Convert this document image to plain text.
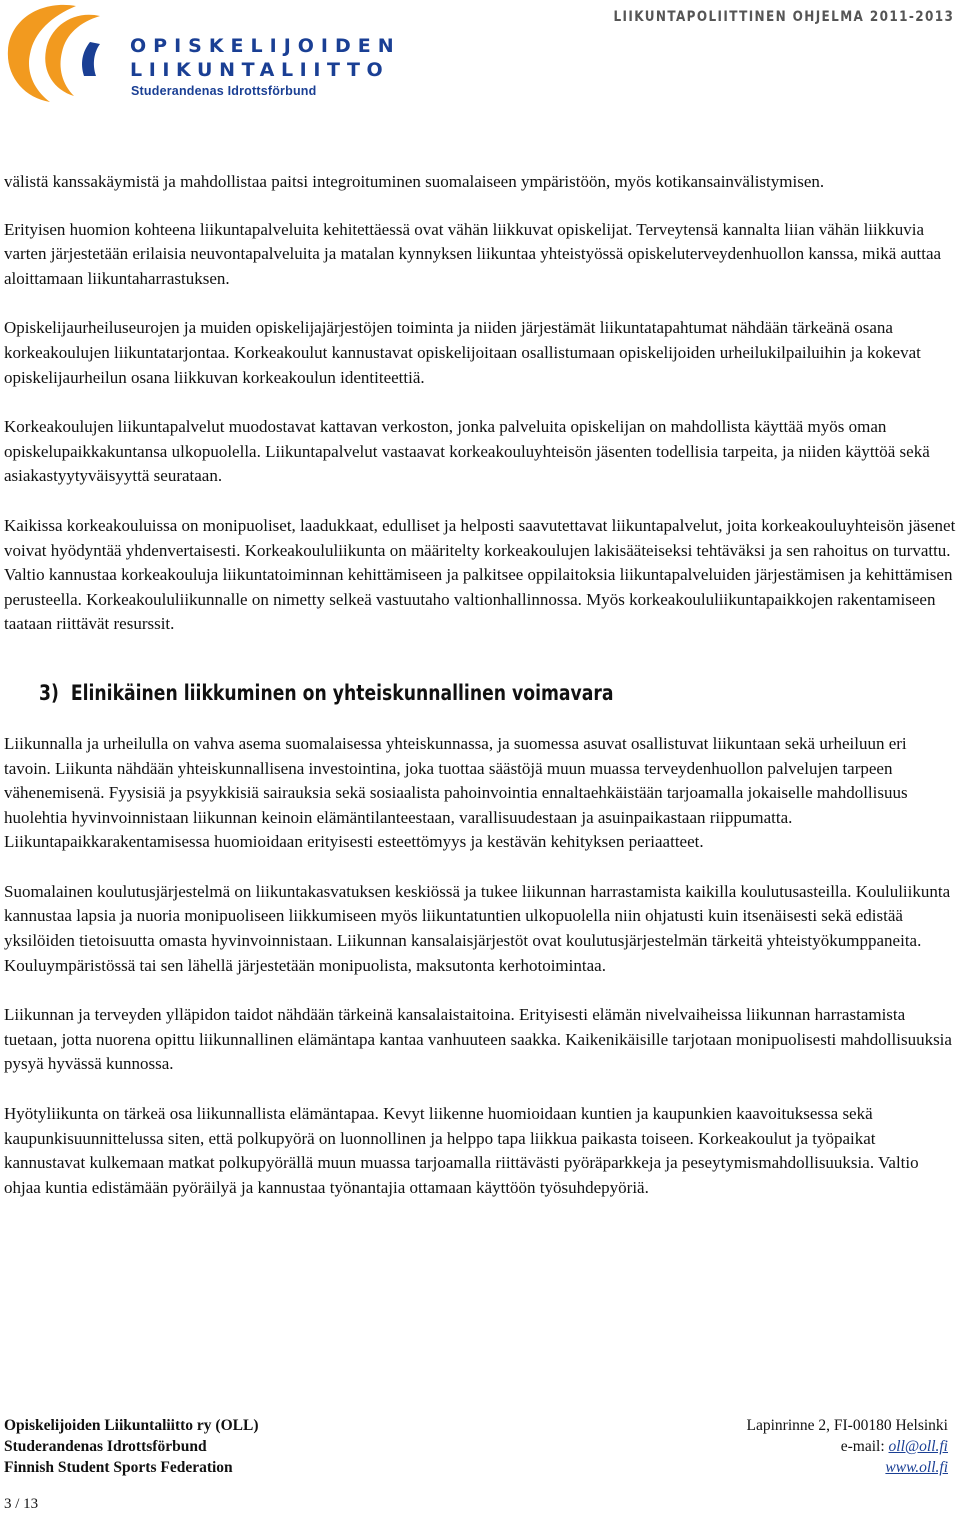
OPISKELIJOIDEN
LIIKUNTALIITTO
Studerandenas Idrottsförbund
LIIKUNTAPOLIITTINEN OHJELMA 2011-2013

välistä kanssakäymistä ja mahdollistaa paitsi integroituminen suomalaiseen ympäristöön, myös kotikansainvälistymisen.

Erityisen huomion kohteena liikuntapalveluita kehitettäessä ovat vähän liikkuvat opiskelijat. Terveytensä kannalta liian vähän liikkuvia varten järjestetään erilaisia neuvontapalveluita ja matalan kynnyksen liikuntaa yhteistyössä opiskeluterveydenhuollon kanssa, mikä auttaa aloittamaan liikuntaharrastuksen.

Opiskelijaurheiluseurojen ja muiden opiskelijajärjestöjen toiminta ja niiden järjestämät liikuntatapahtumat nähdään tärkeänä osana korkeakoulujen liikuntatarjontaa. Korkeakoulut kannustavat opiskelijoitaan osallistumaan opiskelijoiden urheilukilpailuihin ja kokevat opiskelijaurheilun osana liikkuvan korkeakoulun identiteettiä.

Korkeakoulujen liikuntapalvelut muodostavat kattavan verkoston, jonka palveluita opiskelijan on mahdollista käyttää myös oman opiskelupaikkakuntansa ulkopuolella. Liikuntapalvelut vastaavat korkeakouluyhteisön jäsenten todellisia tarpeita, ja niiden käyttöä sekä asiakastyytyväisyyttä seurataan.

Kaikissa korkeakouluissa on monipuoliset, laadukkaat, edulliset ja helposti saavutettavat liikuntapalvelut, joita korkeakouluyhteisön jäsenet voivat hyödyntää yhdenvertaisesti. Korkeakoululiikunta on määritelty korkeakoulujen lakisääteiseksi tehtäväksi ja sen rahoitus on turvattu. Valtio kannustaa korkeakouluja liikuntatoiminnan kehittämiseen ja palkitsee oppilaitoksia liikuntapalveluiden järjestämisen ja kehittämisen perusteella. Korkeakoululiikunnalle on nimetty selkeä vastuutaho valtionhallinnossa. Myös korkeakoululiikuntapaikkojen rakentamiseen taataan riittävät resurssit.

3)  Elinikäinen liikkuminen on yhteiskunnallinen voimavara

Liikunnalla ja urheilulla on vahva asema suomalaisessa yhteiskunnassa, ja suomessa asuvat osallistuvat liikuntaan sekä urheiluun eri tavoin. Liikunta nähdään yhteiskunnallisena investointina, joka tuottaa säästöjä muun muassa terveydenhuollon palvelujen tarpeen vähenemisenä. Fyysisiä ja psyykkisiä sairauksia sekä sosiaalista pahoinvointia ennaltaehkäistään tarjoamalla jokaiselle mahdollisuus huolehtia hyvinvoinnistaan liikunnan keinoin elämäntilanteestaan, varallisuudestaan ja asuinpaikastaan riippumatta. Liikuntapaikkarakentamisessa huomioidaan erityisesti esteettömyys ja kestävän kehityksen periaatteet.

Suomalainen koulutusjärjestelmä on liikuntakasvatuksen keskiössä ja tukee liikunnan harrastamista kaikilla koulutusasteilla. Koululiikunta kannustaa lapsia ja nuoria monipuoliseen liikkumiseen myös liikuntatuntien ulkopuolella niin ohjatusti kuin itsenäisesti sekä edistää yksilöiden tietoisuutta omasta hyvinvoinnistaan. Liikunnan kansalaisjärjestöt ovat koulutusjärjestelmän tärkeitä yhteistyökumppaneita. Kouluympäristössä tai sen lähellä järjestetään monipuolista, maksutonta kerhotoimintaa.

Liikunnan ja terveyden ylläpidon taidot nähdään tärkeinä kansalaistaitoina. Erityisesti elämän nivelvaiheissa liikunnan harrastamista tuetaan, jotta nuorena opittu liikunnallinen elämäntapa kantaa vanhuuteen saakka. Kaikenikäisille tarjotaan monipuolisesti mahdollisuuksia pysyä hyvässä kunnossa.

Hyötyliikunta on tärkeä osa liikunnallista elämäntapaa. Kevyt liikenne huomioidaan kuntien ja kaupunkien kaavoituksessa sekä kaupunkisuunnittelussa siten, että polkupyörä on luonnollinen ja helppo tapa liikkua paikasta toiseen. Korkeakoulut ja työpaikat kannustavat kulkemaan matkat polkupyörällä muun muassa tarjoamalla riittävästi pyöräparkkeja ja peseytymismahdollisuuksia. Valtio ohjaa kuntia edistämään pyöräilyä ja kannustaa työnantajia ottamaan käyttöön työsuhdepyöriä.

Opiskelijoiden Liikuntaliitto ry (OLL)
Studerandenas Idrottsförbund
Finnish Student Sports Federation
Lapinrinne 2, FI-00180 Helsinki
e-mail: oll@oll.fi
www.oll.fi
3 / 13
